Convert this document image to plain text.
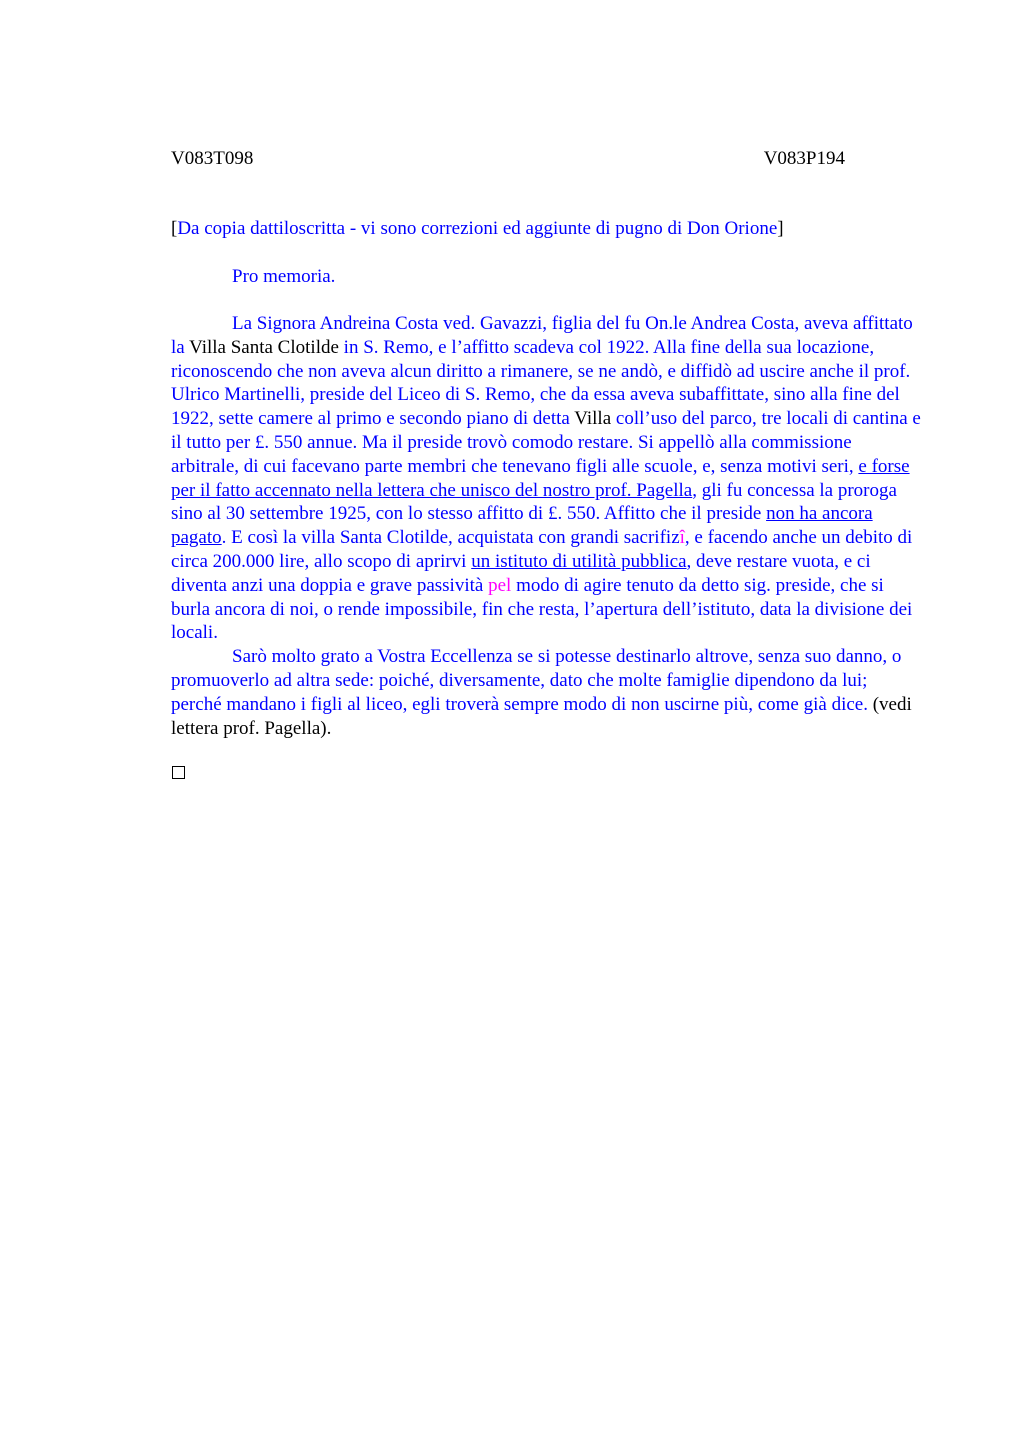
V083T098	V083P194
[Da copia dattiloscritta - vi sono correzioni ed aggiunte di pugno di Don Orione]
Pro memoria.

La Signora Andreina Costa ved. Gavazzi, figlia del fu On.le Andrea Costa, aveva affittato la Villa Santa Clotilde in S. Remo, e l’affitto scadeva col 1922. Alla fine della sua locazione, riconoscendo che non aveva alcun diritto a rimanere, se ne andò, e diffidò ad uscire anche il prof. Ulrico Martinelli, preside del Liceo di S. Remo, che da essa aveva subaffittate, sino alla fine del 1922, sette camere al primo e secondo piano di detta Villa coll’uso del parco, tre locali di cantina e il tutto per £. 550 annue. Ma il preside trovò comodo restare. Si appellò alla commissione arbitrale, di cui facevano parte membri che tenevano figli alle scuole, e, senza motivi seri, e forse per il fatto accennato nella lettera che unisco del nostro prof. Pagella, gli fu concessa la proroga sino al 30 settembre 1925, con lo stesso affitto di £. 550. Affitto che il preside non ha ancora pagato. E così la villa Santa Clotilde, acquistata con grandi sacrifizî, e facendo anche un debito di circa 200.000 lire, allo scopo di aprirvi un istituto di utilità pubblica, deve restare vuota, e ci diventa anzi una doppia e grave passività pel modo di agire tenuto da detto sig. preside, che si burla ancora di noi, o rende impossibile, fin che resta, l’apertura dell’istituto, data la divisione dei locali.

Sarò molto grato a Vostra Eccellenza se si potesse destinarlo altrove, senza suo danno, o promuoverlo ad altra sede: poiché, diversamente, dato che molte famiglie dipendono da lui; perché mandano i figli al liceo, egli troverà sempre modo di non uscirne più, come già dice. (vedi lettera prof. Pagella).
